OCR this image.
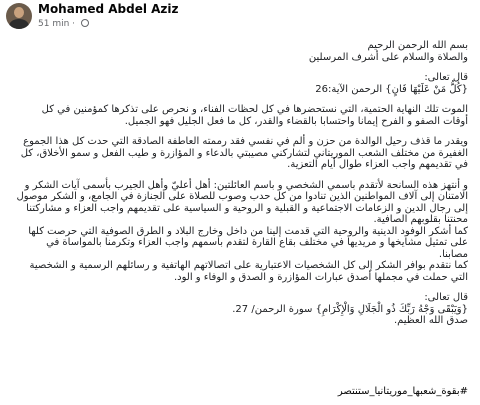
Mohamed Abdel Aziz
51 min ·
بسم الله الرحمن الرحيم
والصلاة والسلام على أشرف المرسلين
قال تعالى:
{كُلُّ مَنْ عَلَيْهَا فَانٍ} الرحمن الآية:26
الموت تلك النهاية الحتمية، التي نستحضرها في كل لحظات الفناء، و نحرص على تذكرها كمؤمنين في كل
أوقات الصفو و الفرح إيمانا واحتسابا بالقضاء والقدر، كل ما فعل الجليل فهو الجميل.
ويقدر ما قذف رحيل الوالدة من حزن و ألم في نفسي فقد رممته العاطفة الصادقة التي حدت كل هذا الجموع
الغفيرة من مختلف الشعب الموريتاني لتشاركني مصيبتي بالدعاء و المؤازرة و طيب الفعل و سمو الأخلاق، كل
في تقديمهم واجب العزاء طوال أيام التعزية.
و أنتهز هذه السانحة لأتقدم باسمي الشخصي و باسم العائلتين: أهل أعليّ وأهل الجيرب بأسمى آيات الشكر و
الامتنان إلى آلاف المواطنين الذين تنادوا من كل حدب وصوب للصلاة على الجنازة في الجامع، و الشكر موصول
إلى رجال الدين و الزعامات الاجتماعية و القبلية و الروحية و السياسية على تقديمهم واجب العزاء و مشاركتنا
محنتنا بقلوبهم الصافية.
كما أشكر الوفود الدينية والروحية التي قدمت إلينا من داخل وخارج البلاد و الطرق الصوفية التي حرصت كلها
على تمثيل مشايخها و مريديها في مختلف بقاع القارة لتقدم باسمهم واجب العزاء وتكرمنا بالمواساة في
مصابنا.
كما نتقدم بوافر الشكر إلى كل الشخصيات الاعتبارية على اتصالاتهم الهاتفية و رسائلهم الرسمية و الشخصية
التي حملت في مجملها أصدق عبارات المؤازرة و الصدق و الوفاء و الود.
قال تعالى:
{وَيَبْقَى وَجْهُ رَبِّكَ ذُو الْجَلَالِ وَالْإِكْرَامِ} سورة الرحمن/ 27.
صدق الله العظيم.
#بقوة_شعبها_موريتانيا_ستنتصر
